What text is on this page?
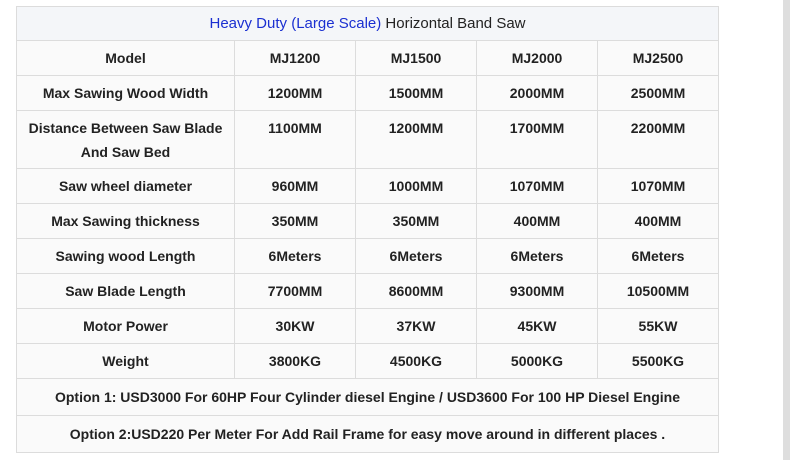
Heavy Duty (Large Scale) Horizontal Band Saw				
Model	MJ1200	MJ1500	MJ2000	MJ2500
Max Sawing Wood Width	1200MM	1500MM	2000MM	2500MM
Distance Between Saw Blade And Saw Bed	1100MM	1200MM	1700MM	2200MM
Saw wheel diameter	960MM	1000MM	1070MM	1070MM
Max Sawing thickness	350MM	350MM	400MM	400MM
Sawing wood Length	6Meters	6Meters	6Meters	6Meters
Saw Blade Length	7700MM	8600MM	9300MM	10500MM
Motor Power	30KW	37KW	45KW	55KW
Weight	3800KG	4500KG	5000KG	5500KG
Option 1: USD3000 For 60HP Four Cylinder diesel Engine / USD3600 For 100 HP Diesel Engine				
Option 2:USD220 Per Meter For Add Rail Frame for easy move around in different places .				
